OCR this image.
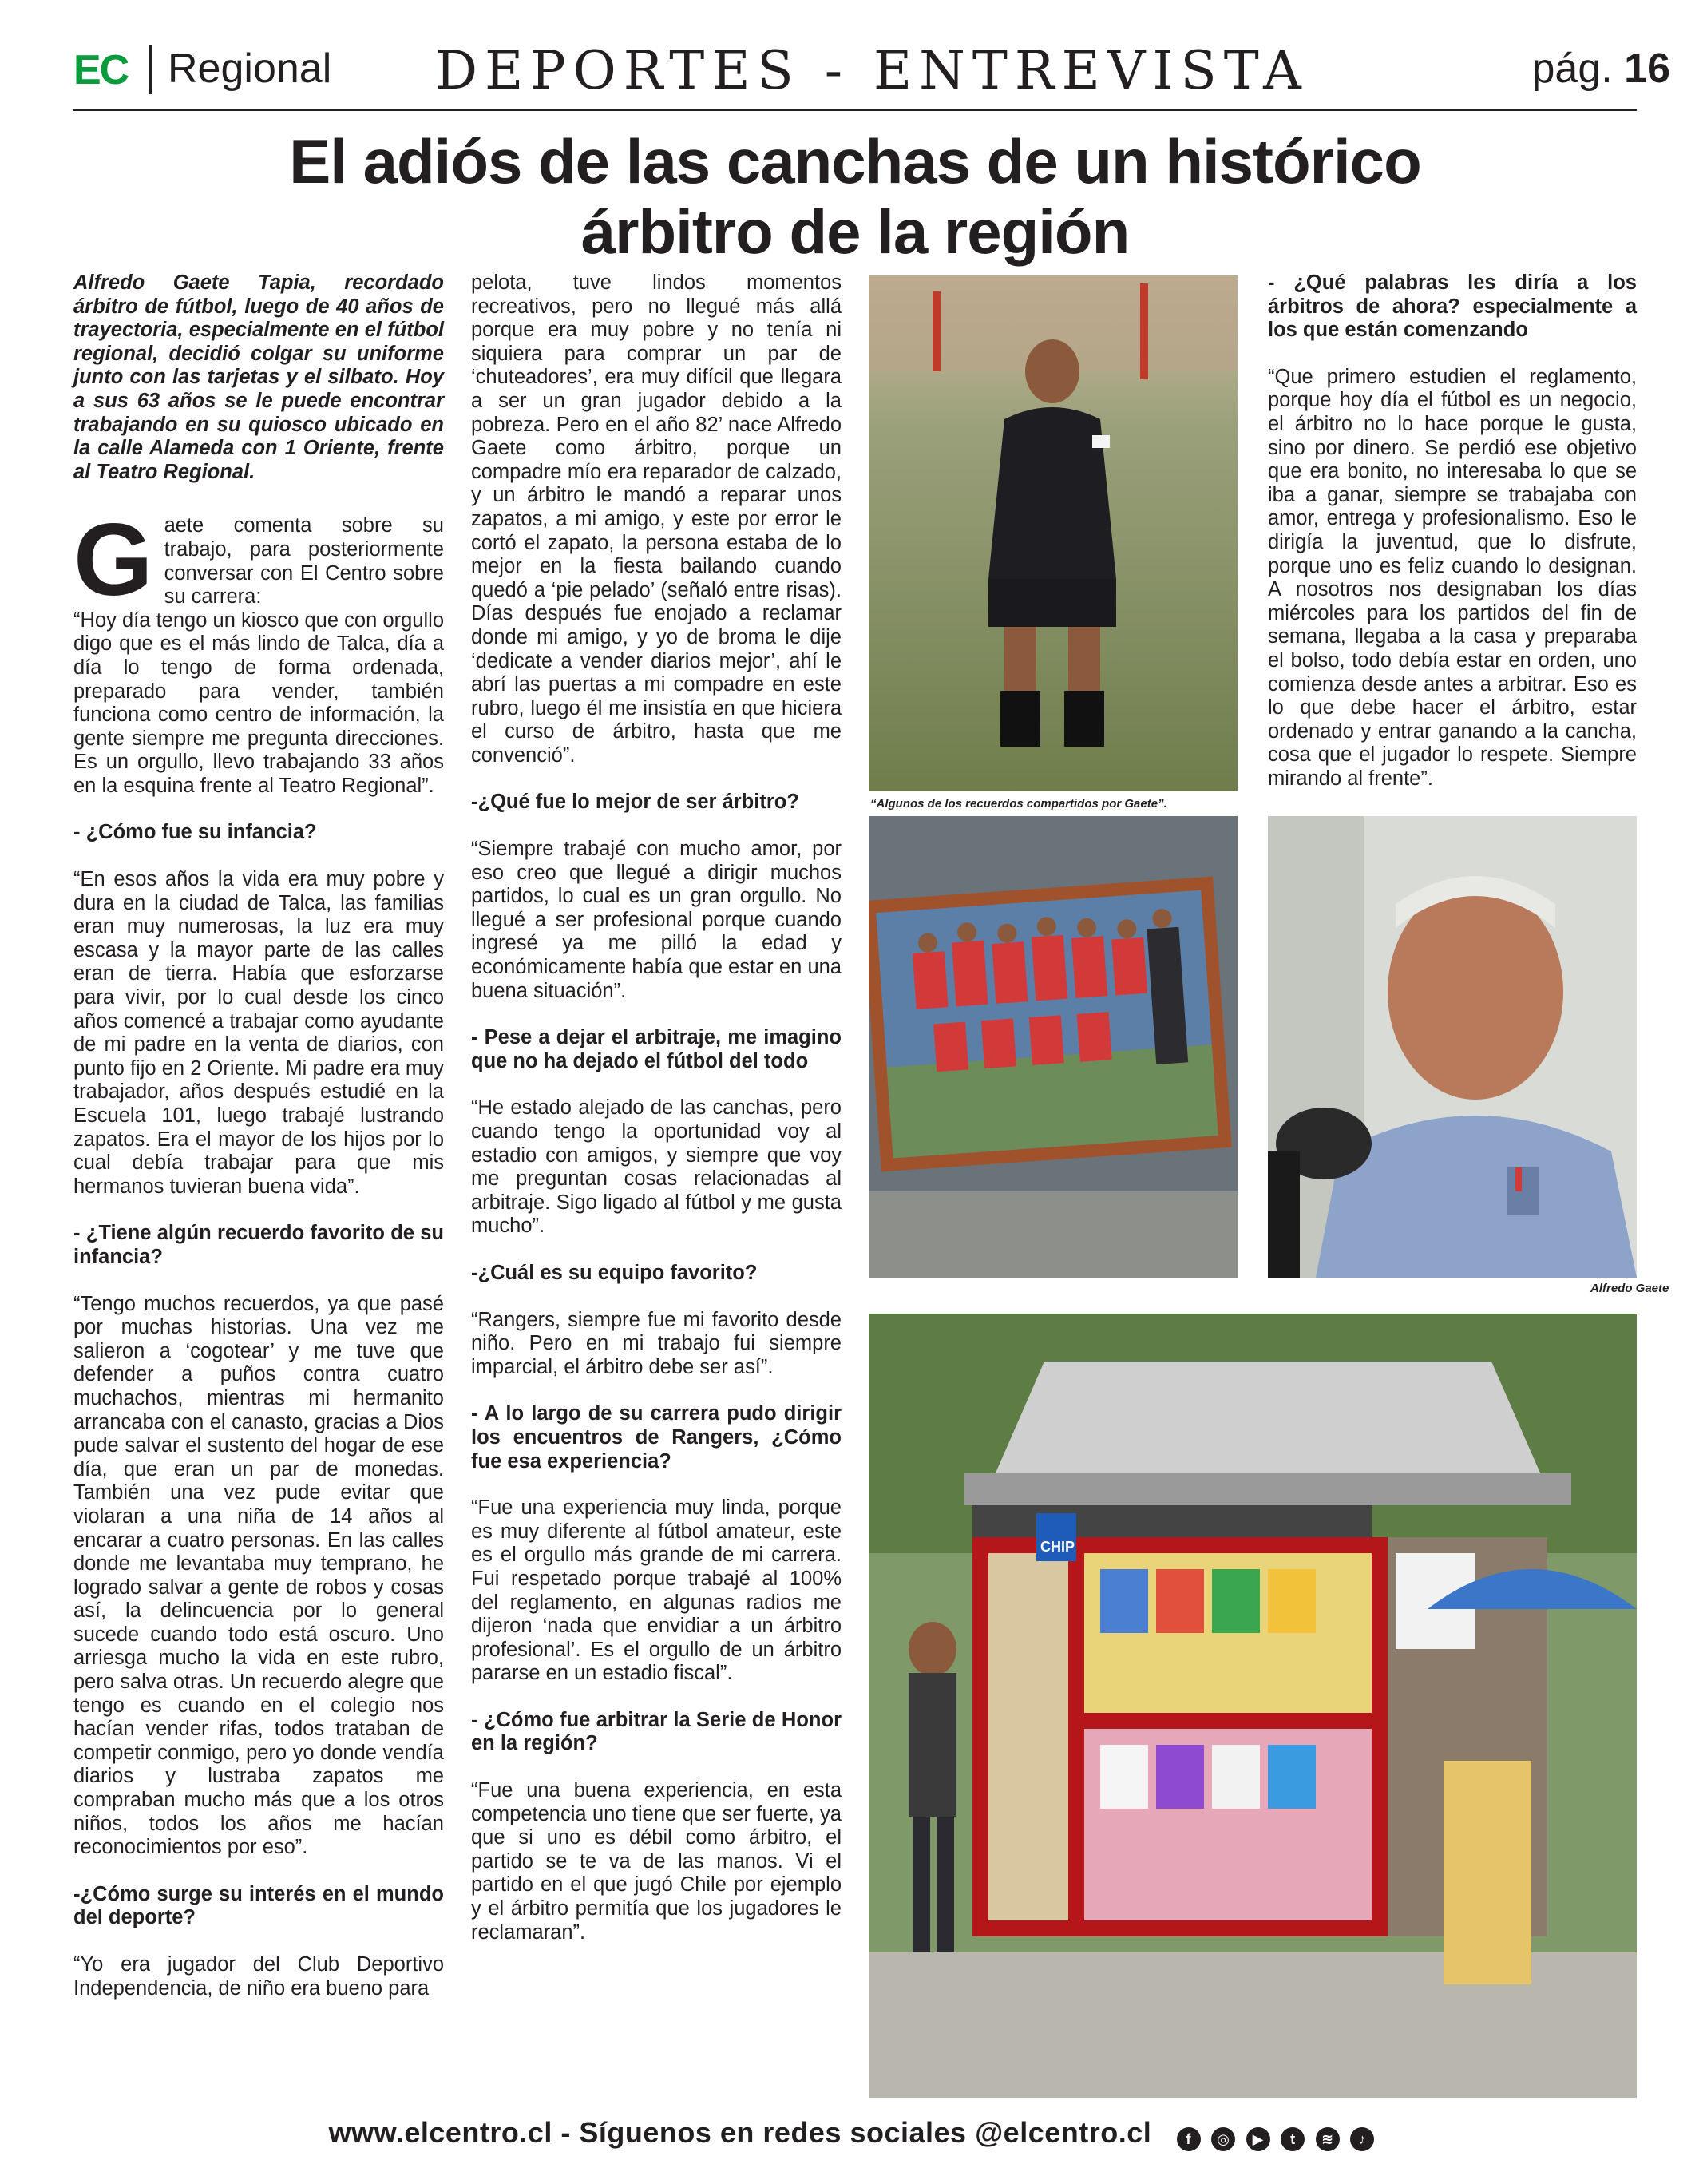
DEPORTES - ENTREVISTA
EC Regional	pág. 16
El adiós de las canchas de un histórico
árbitro de la región

Alfredo Gaete Tapia, recordado árbitro de fútbol, luego de 40 años de trayectoria, especialmente en el fútbol regional, decidió colgar su uniforme junto con las tarjetas y el silbato. Hoy a sus 63 años se le puede encontrar trabajando en su quiosco ubicado en la calle Alameda con 1 Oriente, frente al Teatro Regional.

Gaete comenta sobre su trabajo, para posteriormente conversar con El Centro sobre su carrera:

“Hoy día tengo un kiosco que con orgullo digo que es el más lindo de Talca, día a día lo tengo de forma ordenada, preparado para vender, también funciona como centro de información, la gente siempre me pregunta direcciones. Es un orgullo, llevo trabajando 33 años en la esquina frente al Teatro Regional”.

- ¿Cómo fue su infancia?

“En esos años la vida era muy pobre y dura en la ciudad de Talca, las familias eran muy numerosas, la luz era muy escasa y la mayor parte de las calles eran de tierra. Había que esforzarse para vivir, por lo cual desde los cinco años comencé a trabajar como ayudante de mi padre en la venta de diarios, con punto fijo en 2 Oriente. Mi padre era muy trabajador, años después estudié en la Escuela 101, luego trabajé lustrando zapatos. Era el mayor de los hijos por lo cual debía trabajar para que mis hermanos tuvieran buena vida”.

- ¿Tiene algún recuerdo favorito de su infancia?

“Tengo muchos recuerdos, ya que pasé por muchas historias. Una vez me salieron a ‘cogotear’ y me tuve que defender a puños contra cuatro muchachos, mientras mi hermanito arrancaba con el canasto, gracias a Dios pude salvar el sustento del hogar de ese día, que eran un par de monedas. También una vez pude evitar que violaran a una niña de 14 años al encarar a cuatro personas. En las calles donde me levantaba muy temprano, he logrado salvar a gente de robos y cosas así, la delincuencia por lo general sucede cuando todo está oscuro. Uno arriesga mucho la vida en este rubro, pero salva otras. Un recuerdo alegre que tengo es cuando en el colegio nos hacían vender rifas, todos trataban de competir conmigo, pero yo donde vendía diarios y lustraba zapatos me compraban mucho más que a los otros niños, todos los años me hacían reconocimientos por eso”.

-¿Cómo surge su interés en el mundo del deporte?

“Yo era jugador del Club Deportivo Independencia, de niño era bueno para

pelota, tuve lindos momentos recreativos, pero no llegué más allá porque era muy pobre y no tenía ni siquiera para comprar un par de ‘chuteadores’, era muy difícil que llegara a ser un gran jugador debido a la pobreza. Pero en el año 82’ nace Alfredo Gaete como árbitro, porque un compadre mío era reparador de calzado, y un árbitro le mandó a reparar unos zapatos, a mi amigo, y este por error le cortó el zapato, la persona estaba de lo mejor en la fiesta bailando cuando quedó a ‘pie pelado’ (señaló entre risas). Días después fue enojado a reclamar donde mi amigo, y yo de broma le dije ‘dedicate a vender diarios mejor’, ahí le abrí las puertas a mi compadre en este rubro, luego él me insistía en que hiciera el curso de árbitro, hasta que me convenció”.

-¿Qué fue lo mejor de ser árbitro?

“Siempre trabajé con mucho amor, por eso creo que llegué a dirigir muchos partidos, lo cual es un gran orgullo. No llegué a ser profesional porque cuando ingresé ya me pilló la edad y económicamente había que estar en una buena situación”.

- Pese a dejar el arbitraje, me imagino que no ha dejado el fútbol del todo

“He estado alejado de las canchas, pero cuando tengo la oportunidad voy al estadio con amigos, y siempre que voy me preguntan cosas relacionadas al arbitraje. Sigo ligado al fútbol y me gusta mucho”.

-¿Cuál es su equipo favorito?

“Rangers, siempre fue mi favorito desde niño. Pero en mi trabajo fui siempre imparcial, el árbitro debe ser así”.

- A lo largo de su carrera pudo dirigir los encuentros de Rangers, ¿Cómo fue esa experiencia?

“Fue una experiencia muy linda, porque es muy diferente al fútbol amateur, este es el orgullo más grande de mi carrera. Fui respetado porque trabajé al 100% del reglamento, en algunas radios me dijeron ‘nada que envidiar a un árbitro profesional’. Es el orgullo de un árbitro pararse en un estadio fiscal”.

- ¿Cómo fue arbitrar la Serie de Honor en la región?

“Fue una buena experiencia, en esta competencia uno tiene que ser fuerte, ya que si uno es débil como árbitro, el partido se te va de las manos. Vi el partido en el que jugó Chile por ejemplo y el árbitro permitía que los jugadores le reclamaran”.

- ¿Qué palabras les diría a los árbitros de ahora? especialmente a los que están comenzando

“Que primero estudien el reglamento, porque hoy día el fútbol es un negocio, el árbitro no lo hace porque le gusta, sino por dinero. Se perdió ese objetivo que era bonito, no interesaba lo que se iba a ganar, siempre se trabajaba con amor, entrega y profesionalismo. Eso le dirigía la juventud, que lo disfrute, porque uno es feliz cuando lo designan. A nosotros nos designaban los días miércoles para los partidos del fin de semana, llegaba a la casa y preparaba el bolso, todo debía estar en orden, uno comienza desde antes a arbitrar. Eso es lo que debe hacer el árbitro, estar ordenado y entrar ganando a la cancha, cosa que el jugador lo respete. Siempre mirando al frente”.

“Algunos de los recuerdos compartidos por Gaete”.
Alfredo Gaete
CHIP
www.elcentro.cl - Síguenos en redes sociales @elcentro.cl f ◎ ▶ t ≋ ♪
